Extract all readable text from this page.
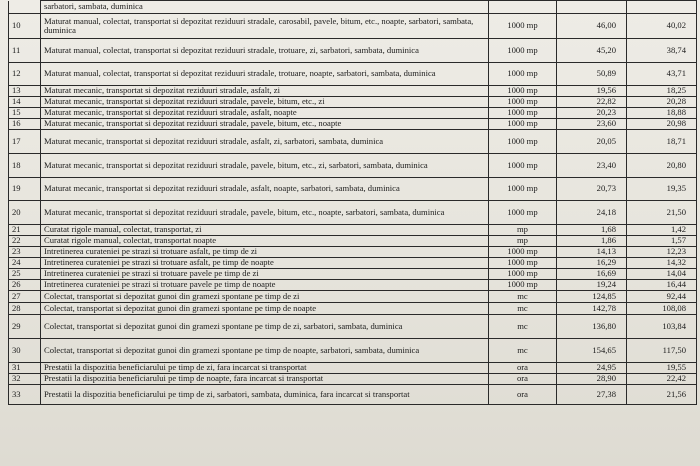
	sarbatori, sambata, duminica			
10	Maturat manual, colectat, transportat si depozitat reziduuri stradale, carosabil, pavele, bitum, etc., noapte, sarbatori, sambata, duminica	1000 mp	46,00	40,02
11	Maturat manual, colectat, transportat si depozitat reziduuri stradale, trotuare, zi, sarbatori, sambata, duminica	1000 mp	45,20	38,74
12	Maturat manual, colectat, transportat si depozitat reziduuri stradale, trotuare, noapte, sarbatori, sambata, duminica	1000 mp	50,89	43,71
13	Maturat mecanic, transportat si depozitat reziduuri stradale, asfalt, zi	1000 mp	19,56	18,25
14	Maturat mecanic, transportat si depozitat reziduuri stradale, pavele, bitum, etc., zi	1000 mp	22,82	20,28
15	Maturat mecanic, transportat si depozitat reziduuri stradale, asfalt, noapte	1000 mp	20,23	18,88
16	Maturat mecanic, transportat si depozitat reziduuri stradale, pavele, bitum, etc., noapte	1000 mp	23,60	20,98
17	Maturat mecanic, transportat si depozitat reziduuri stradale, asfalt, zi, sarbatori, sambata, duminica	1000 mp	20,05	18,71
18	Maturat mecanic, transportat si depozitat reziduuri stradale, pavele, bitum, etc., zi, sarbatori, sambata, duminica	1000 mp	23,40	20,80
19	Maturat mecanic, transportat si depozitat reziduuri stradale, asfalt, noapte, sarbatori, sambata, duminica	1000 mp	20,73	19,35
20	Maturat mecanic, transportat si depozitat reziduuri stradale, pavele, bitum, etc., noapte, sarbatori, sambata, duminica	1000 mp	24,18	21,50
21	Curatat rigole manual, colectat, transportat, zi	mp	1,68	1,42
22	Curatat rigole manual, colectat, transportat noapte	mp	1,86	1,57
23	Intretinerea curateniei pe strazi si trotuare asfalt, pe timp de zi	1000 mp	14,13	12,23
24	Intretinerea curateniei pe strazi si trotuare asfalt, pe timp de noapte	1000 mp	16,29	14,32
25	Intretinerea curateniei pe strazi si trotuare pavele pe timp de zi	1000 mp	16,69	14,04
26	Intretinerea curateniei pe strazi si trotuare pavele pe timp de noapte	1000 mp	19,24	16,44
27	Colectat, transportat si depozitat gunoi din gramezi spontane pe timp de zi	mc	124,85	92,44
28	Colectat, transportat si depozitat gunoi din gramezi spontane pe timp de noapte	mc	142,78	108,08
29	Colectat, transportat si depozitat gunoi din gramezi spontane pe timp de zi, sarbatori, sambata, duminica	mc	136,80	103,84
30	Colectat, transportat si depozitat gunoi din gramezi spontane pe timp de noapte, sarbatori, sambata, duminica	mc	154,65	117,50
31	Prestatii la dispozitia beneficiarului pe timp de zi, fara incarcat si transportat	ora	24,95	19,55
32	Prestatii la dispozitia beneficiarului pe timp de noapte, fara incarcat si transportat	ora	28,90	22,42
33	Prestatii la dispozitia beneficiarului pe timp de zi, sarbatori, sambata, duminica, fara incarcat si transportat	ora	27,38	21,56
